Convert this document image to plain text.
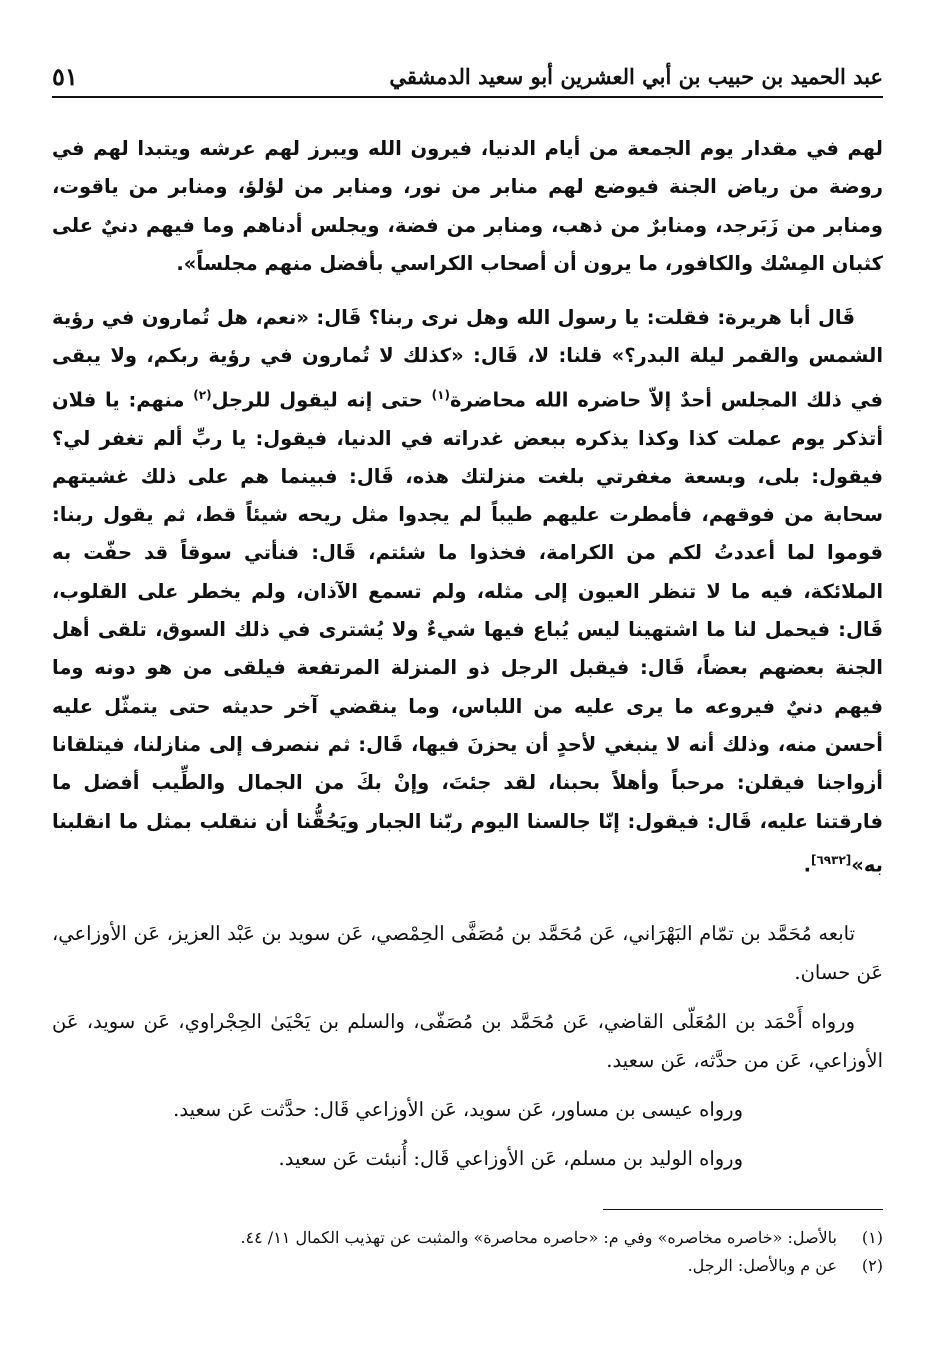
٥١	عبد الحميد بن حبيب بن أبي العشرين أبو سعيد الدمشقي

لهم في مقدار يوم الجمعة من أيام الدنيا، فيرون الله ويبرز لهم عرشه ويتبدا لهم في روضة من رياض الجنة فيوضع لهم منابر من نور، ومنابر من لؤلؤ، ومنابر من ياقوت، ومنابر من زَبَرجد، ومنابرٌ من ذهب، ومنابر من فضة، ويجلس أدناهم وما فيهم دنيٌ على كثبان المِسْك والكافور، ما يرون أن أصحاب الكراسي بأفضل منهم مجلساً».

قَال أبا هريرة: فقلت: يا رسول الله وهل نرى ربنا؟ قَال: «نعم، هل تُمارون في رؤية الشمس والقمر ليلة البدر؟» قلنا: لا، قَال: «كذلك لا تُمارون في رؤية ربكم، ولا يبقى في ذلك المجلس أحدٌ إلاّ حاضره الله محاضرة$^{(١)}$ حتى إنه ليقول للرجل$^{(٢)}$ منهم: يا فلان أتذكر يوم عملت كذا وكذا يذكره ببعض غدراته في الدنيا، فيقول: يا ربِّ ألم تغفر لي؟ فيقول: بلى، وبسعة مغفرتي بلغت منزلتك هذه، قَال: فبينما هم على ذلك غشيتهم سحابة من فوقهم، فأمطرت عليهم طيباً لم يجدوا مثل ريحه شيئاً قط، ثم يقول ربنا: قوموا لما أعددتُ لكم من الكرامة، فخذوا ما شئتم، قَال: فنأتي سوقاً قد حفّت به الملائكة، فيه ما لا تنظر العيون إلى مثله، ولم تسمع الآذان، ولم يخطر على القلوب، قَال: فيحمل لنا ما اشتهينا ليس يُباع فيها شيءٌ ولا يُشترى في ذلك السوق، تلقى أهل الجنة بعضهم بعضاً، قَال: فيقبل الرجل ذو المنزلة المرتفعة فيلقى من هو دونه وما فيهم دنيٌ فيروعه ما يرى عليه من اللباس، وما ينقضي آخر حديثه حتى يتمثّل عليه أحسن منه، وذلك أنه لا ينبغي لأحدٍ أن يحزنَ فيها، قَال: ثم ننصرف إلى منازلنا، فيتلقانا أزواجنا فيقلن: مرحباً وأهلاً بحبنا، لقد جئتَ، وإنْ بكَ من الجمال والطِّيب أفضل ما فارقتنا عليه، قَال: فيقول: إنّا جالسنا اليوم ربّنا الجبار ويَحُقُّنا أن ننقلب بمثل ما انقلبنا به»[٦٩٣٢].

تابعه مُحَمَّد بن تمّام البَهْرَاني، عَن مُحَمَّد بن مُصَفَّى الحِمْصي، عَن سويد بن عَبْد العزيز، عَن الأوزاعي، عَن حسان.

ورواه أَحْمَد بن المُعَلّى القاضي، عَن مُحَمَّد بن مُصَفّى، والسلم بن يَحْيَىٰ الحِجْراوي، عَن سويد، عَن الأوزاعي، عَن من حدَّثه، عَن سعيد.

ورواه عيسى بن مساور، عَن سويد، عَن الأوزاعي قَال: حدَّثت عَن سعيد.

ورواه الوليد بن مسلم، عَن الأوزاعي قَال: أُنبئت عَن سعيد.

(١)
بالأصل: «خاصره مخاصره» وفي م: «حاصره محاصرة» والمثبت عن تهذيب الكمال ١١/ ٤٤.
(٢)
عن م وبالأصل: الرجل.
